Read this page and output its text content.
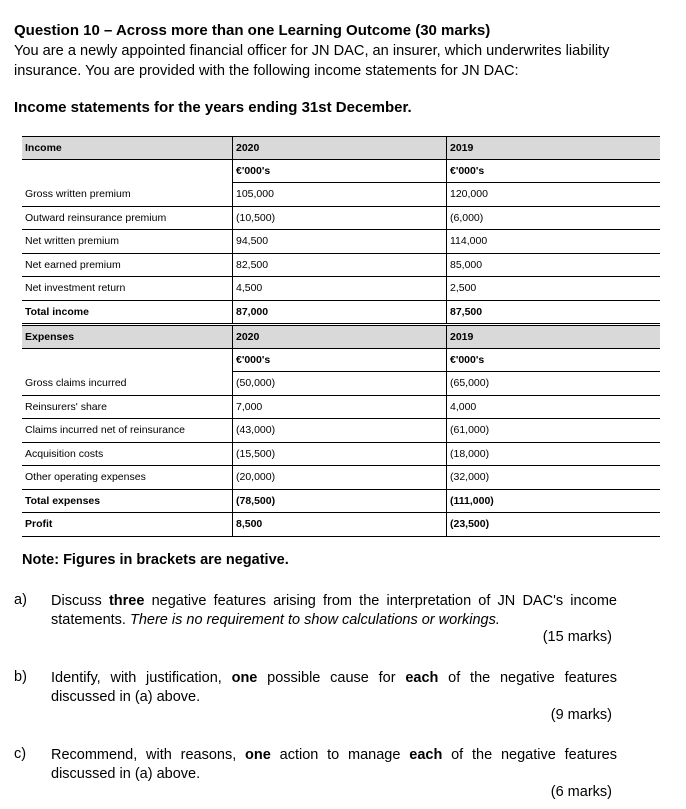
Question 10 – Across more than one Learning Outcome (30 marks)
You are a newly appointed financial officer for JN DAC, an insurer, which underwrites liability insurance. You are provided with the following income statements for JN DAC:
Income statements for the years ending 31st December.
Income	2020	2019
	€'000's	€'000's
Gross written premium	105,000	120,000
Outward reinsurance premium	(10,500)	(6,000)
Net written premium	94,500	114,000
Net earned premium	82,500	85,000
Net investment return	4,500	2,500
Total income	87,000	87,500
Expenses	2020	2019
	€'000's	€'000's
Gross claims incurred	(50,000)	(65,000)
Reinsurers' share	7,000	4,000
Claims incurred net of reinsurance	(43,000)	(61,000)
Acquisition costs	(15,500)	(18,000)
Other operating expenses	(20,000)	(32,000)
Total expenses	(78,500)	(111,000)
Profit	8,500	(23,500)
Note: Figures in brackets are negative.
a) Discuss three negative features arising from the interpretation of JN DAC's income statements. There is no requirement to show calculations or workings.
(15 marks)
b) Identify, with justification, one possible cause for each of the negative features discussed in (a) above.
(9 marks)
c) Recommend, with reasons, one action to manage each of the negative features discussed in (a) above.
(6 marks)
